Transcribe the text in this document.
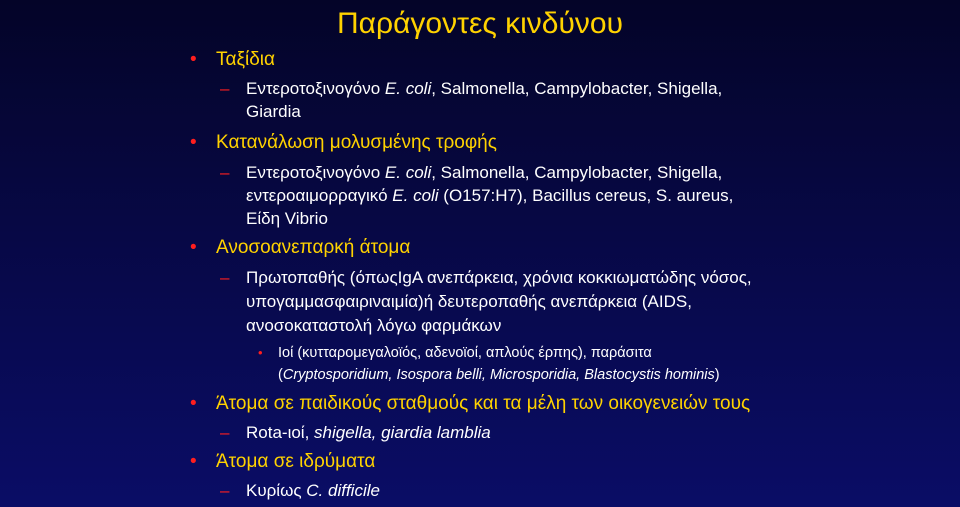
Παράγοντες κινδύνου
• Ταξίδια
– Εντεροτοξινογόνο E. coli, Salmonella, Campylobacter, Shigella,
Giardia
• Κατανάλωση μολυσμένης τροφής
– Εντεροτοξινογόνο E. coli, Salmonella, Campylobacter, Shigella,
εντεροαιμορραγικό E. coli (O157:H7), Bacillus cereus, S. aureus,
Είδη Vibrio
• Ανοσοανεπαρκή άτομα
– Πρωτοπαθής (όπωςIgA ανεπάρκεια, χρόνια κοκκιωματώδης νόσος,
υπογαμμασφαιριναιμία)ή δευτεροπαθής ανεπάρκεια (AIDS,
ανοσοκαταστολή λόγω φαρμάκων
• Ιοί (κυτταρομεγαλοϊός, αδενοϊοί, απλούς έρπης), παράσιτα
(Cryptosporidium, Isospora belli, Microsporidia, Blastocystis hominis)
• Άτομα σε παιδικούς σταθμούς και τα μέλη των οικογενειών τους
– Rota-ιοί, shigella, giardia lamblia
• Άτομα σε ιδρύματα
– Κυρίως C. difficile
